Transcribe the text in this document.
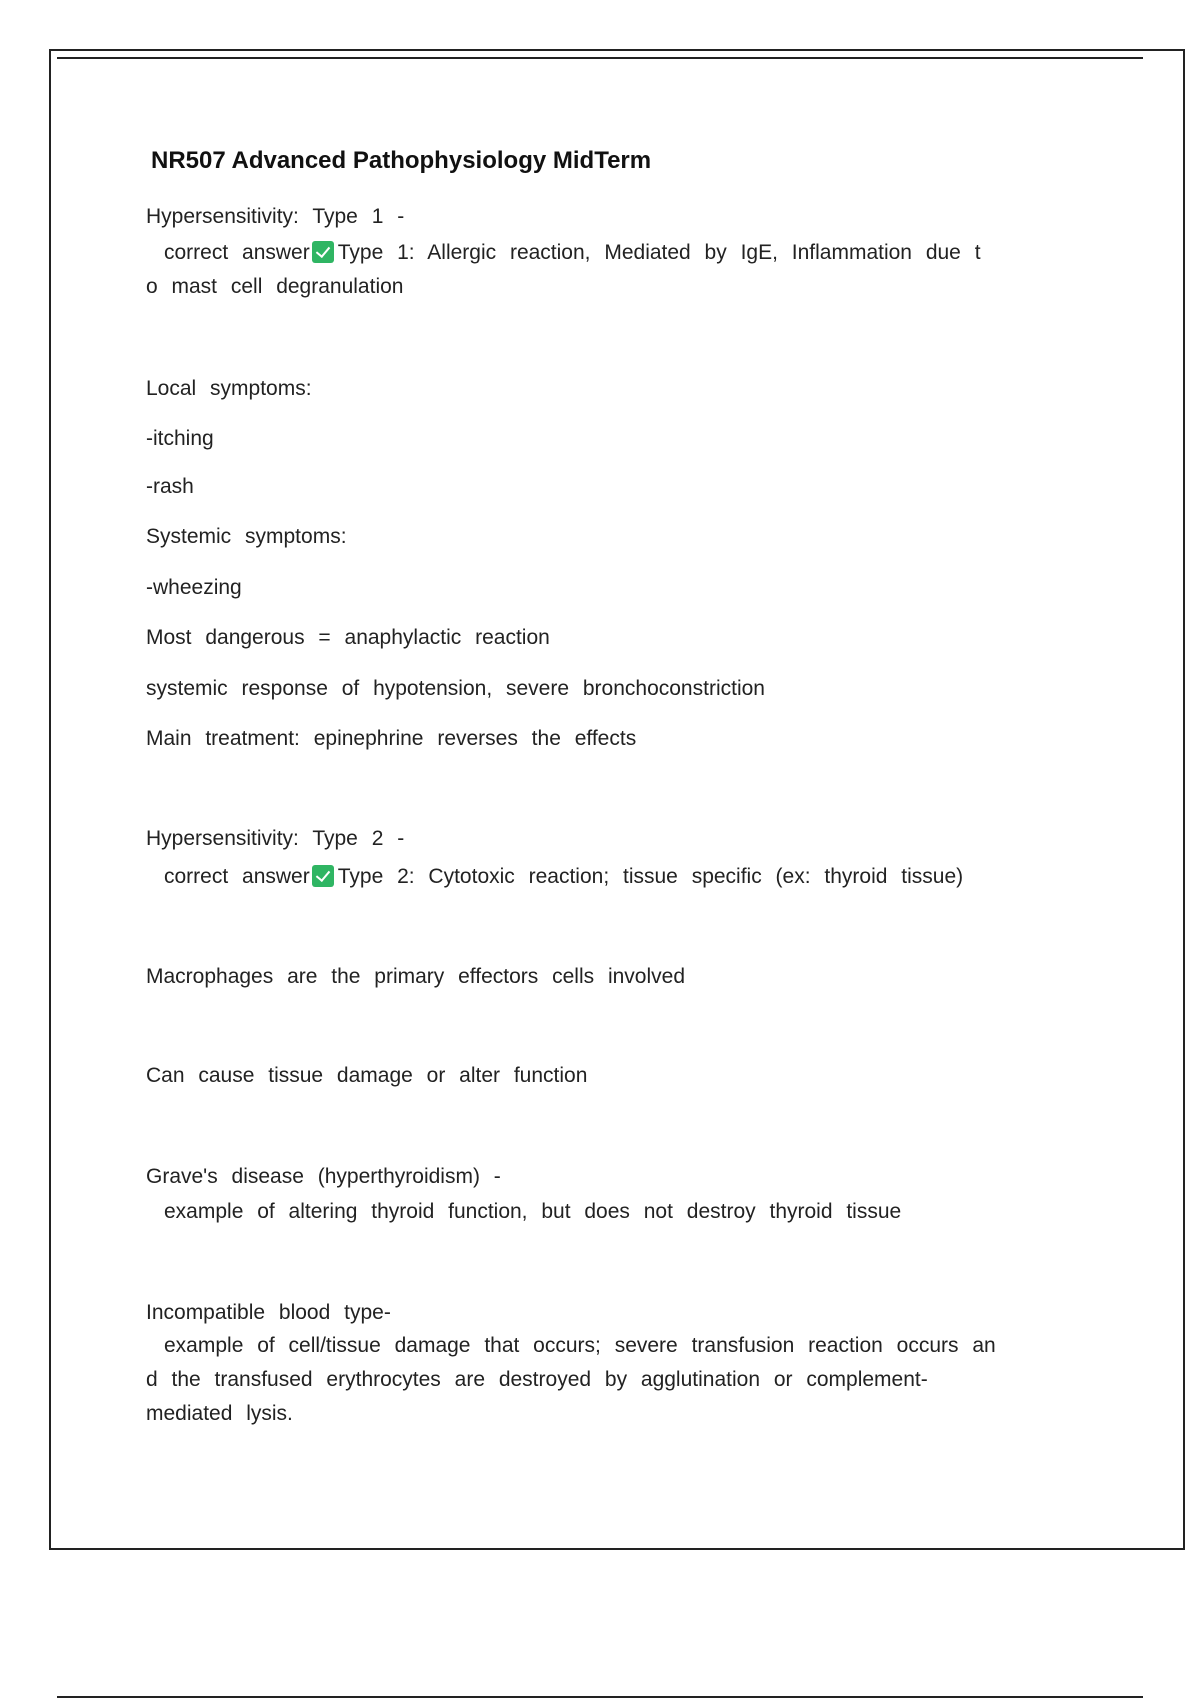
NR507 Advanced Pathophysiology MidTerm
Hypersensitivity: Type 1 -
correct answer Type 1: Allergic reaction, Mediated by IgE, Inflammation due t
o mast cell degranulation
Local symptoms:
-itching
-rash
Systemic symptoms:
-wheezing
Most dangerous = anaphylactic reaction
systemic response of hypotension, severe bronchoconstriction
Main treatment: epinephrine reverses the effects
Hypersensitivity: Type 2 -
correct answer Type 2: Cytotoxic reaction; tissue specific (ex: thyroid tissue)
Macrophages are the primary effectors cells involved
Can cause tissue damage or alter function
Grave's disease (hyperthyroidism) -
example of altering thyroid function, but does not destroy thyroid tissue
Incompatible blood type-
example of cell/tissue damage that occurs; severe transfusion reaction occurs an
d the transfused erythrocytes are destroyed by agglutination or complement-
mediated lysis.
